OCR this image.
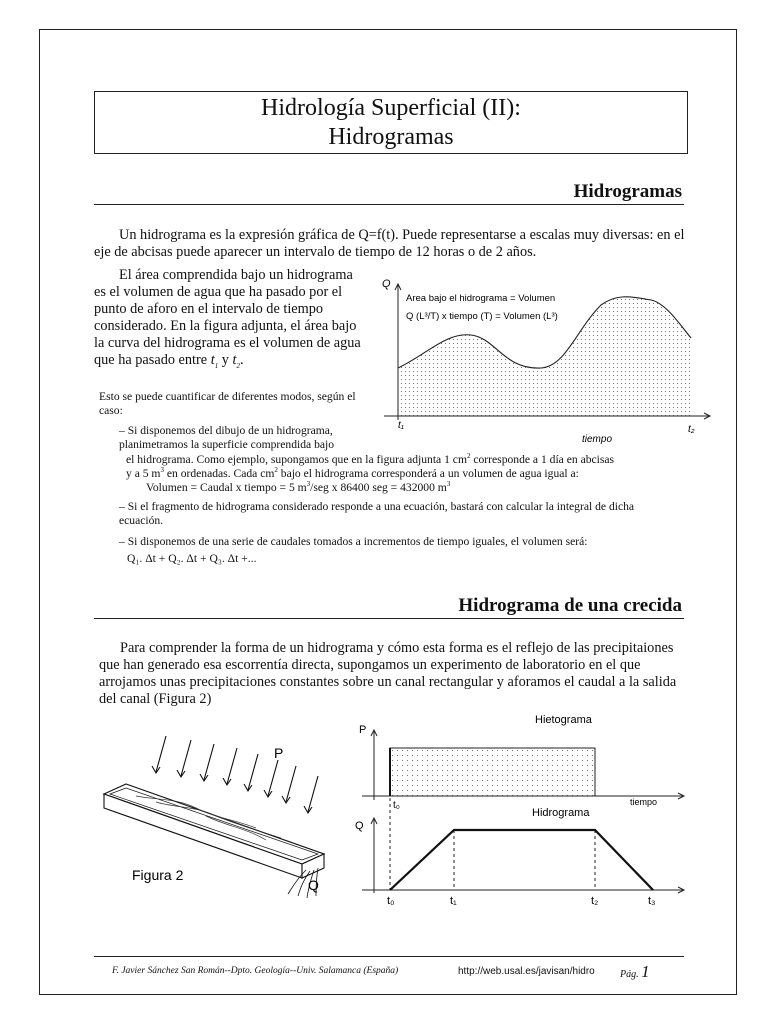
Hidrología Superficial (II):
Hidrogramas
Hidrogramas

Un hidrograma es la expresión gráfica de Q=f(t). Puede representarse a escalas muy diversas: en el eje de abcisas puede aparecer un intervalo de tiempo de 12 horas o de 2 años.

El área comprendida bajo un hidrograma es el volumen de agua que ha pasado por el punto de aforo en el intervalo de tiempo considerado. En la figura adjunta, el área bajo la curva del hidrograma es el volumen de agua que ha pasado entre $t_1$ y $t_2$.

Esto se puede cuantificar de diferentes modos, según el caso:

– Si disponemos del dibujo de un hidrograma, planimetramos la superficie comprendida bajo

el hidrograma. Como ejemplo, supongamos que en la figura adjunta 1 $cm^2$ corresponde a 1 día en abcisas

y a 5 $m^3$ en ordenadas. Cada $cm^2$ bajo el hidrograma corresponderá a un volumen de agua igual a:

Volumen = Caudal x tiempo = 5 $m^3$/seg x 86400 seg = 432000 $m^3$

– Si el fragmento de hidrograma considerado responde a una ecuación, bastará con calcular la integral de dicha ecuación.

– Si disponemos de una serie de caudales tomados a incrementos de tiempo iguales, el volumen será:

Q₁. Δt + Q₂. Δt + Q₃. Δt +...

Q
Area bajo el hidrograma = Volumen
Q (L³/T) x tiempo (T) = Volumen (L³)
t₁	t₂
tiempo
Hidrograma de una crecida

Para comprender la forma de un hidrograma y cómo esta forma es el reflejo de las precipitaiones que han generado esa escorrentía directa, supongamos un experimento de laboratorio en el que arrojamos unas precipitaciones constantes sobre un canal rectangular y aforamos el caudal a la salida del canal (Figura 2)

P
Q
Figura 2
Hietograma
P
t₀	tiempo
Hidrograma
Q
t₀	t₁	t₂	t₃
F. Javier Sánchez San Román--Dpto. Geología--Univ. Salamanca (España)	http://web.usal.es/javisan/hidro	Pág. 1
